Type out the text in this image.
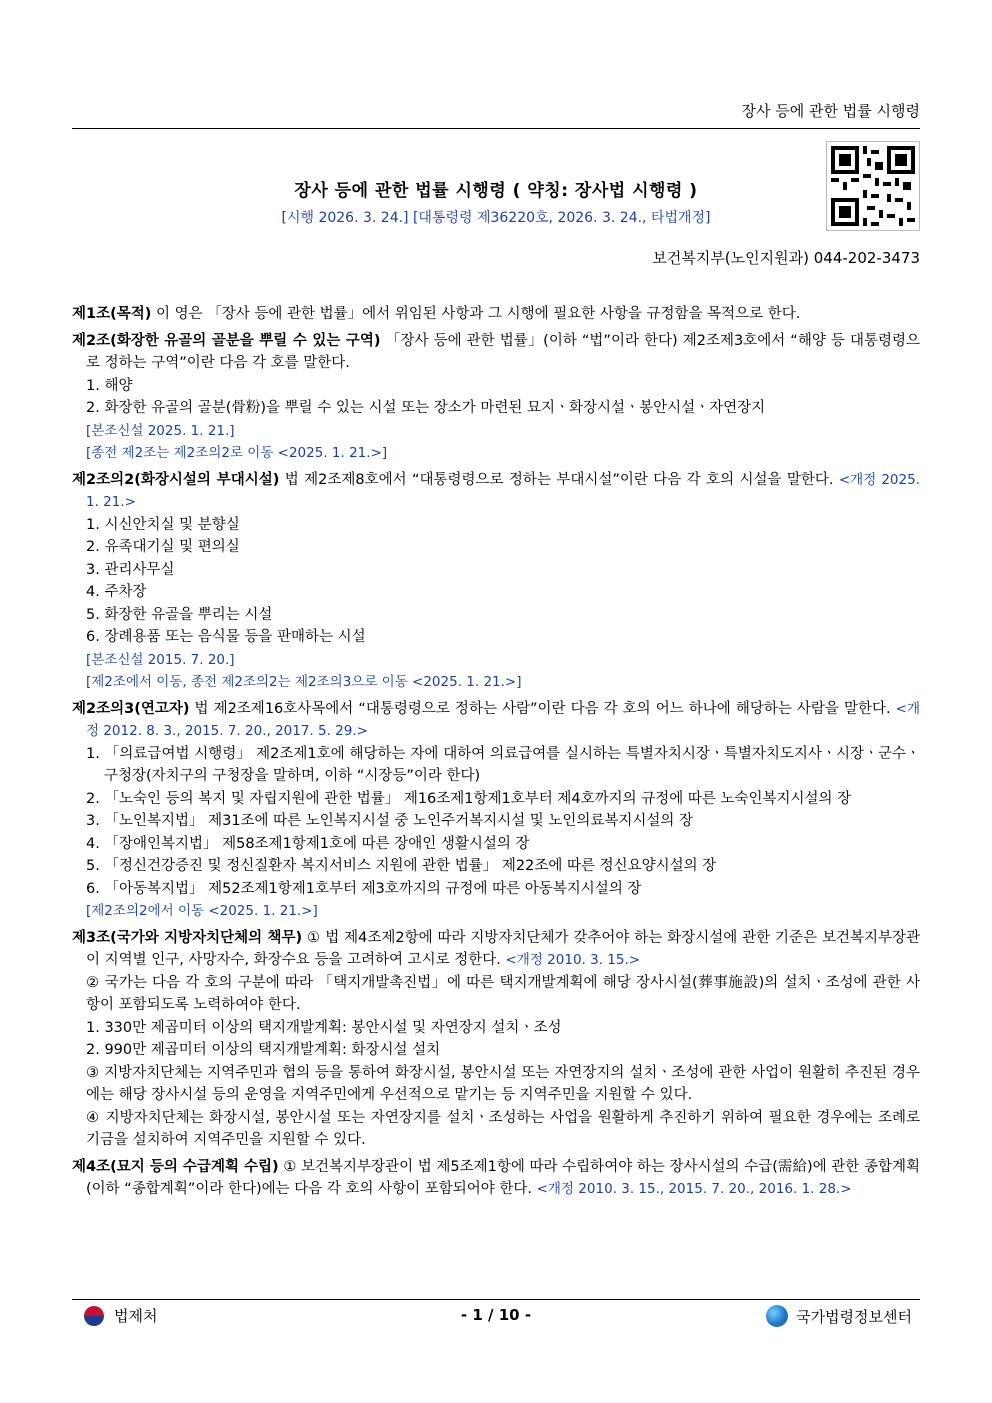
장사 등에 관한 법률 시행령
장사 등에 관한 법률 시행령 ( 약칭: 장사법 시행령 )
[시행 2026. 3. 24.] [대통령령 제36220호, 2026. 3. 24., 타법개정]
보건복지부(노인지원과) 044-202-3473
제1조(목적) 이 영은 「장사 등에 관한 법률」에서 위임된 사항과 그 시행에 필요한 사항을 규정함을 목적으로 한다.
제2조(화장한 유골의 골분을 뿌릴 수 있는 구역) 「장사 등에 관한 법률」(이하 “법”이라 한다) 제2조제3호에서 “해양 등 대통령령으로 정하는 구역”이란 다음 각 호를 말한다.
1. 해양
2. 화장한 유골의 골분(骨粉)을 뿌릴 수 있는 시설 또는 장소가 마련된 묘지ㆍ화장시설ㆍ봉안시설ㆍ자연장지
[본조신설 2025. 1. 21.]
[종전 제2조는 제2조의2로 이동 <2025. 1. 21.>]
제2조의2(화장시설의 부대시설) 법 제2조제8호에서 “대통령령으로 정하는 부대시설”이란 다음 각 호의 시설을 말한다. <개정 2025. 1. 21.>
1. 시신안치실 및 분향실
2. 유족대기실 및 편의실
3. 관리사무실
4. 주차장
5. 화장한 유골을 뿌리는 시설
6. 장례용품 또는 음식물 등을 판매하는 시설
[본조신설 2015. 7. 20.]
[제2조에서 이동, 종전 제2조의2는 제2조의3으로 이동 <2025. 1. 21.>]
제2조의3(연고자) 법 제2조제16호사목에서 “대통령령으로 정하는 사람”이란 다음 각 호의 어느 하나에 해당하는 사람을 말한다. <개정 2012. 8. 3., 2015. 7. 20., 2017. 5. 29.>
1. 「의료급여법 시행령」 제2조제1호에 해당하는 자에 대하여 의료급여를 실시하는 특별자치시장ㆍ특별자치도지사ㆍ시장ㆍ군수ㆍ구청장(자치구의 구청장을 말하며, 이하 “시장등”이라 한다)
2. 「노숙인 등의 복지 및 자립지원에 관한 법률」 제16조제1항제1호부터 제4호까지의 규정에 따른 노숙인복지시설의 장
3. 「노인복지법」 제31조에 따른 노인복지시설 중 노인주거복지시설 및 노인의료복지시설의 장
4. 「장애인복지법」 제58조제1항제1호에 따른 장애인 생활시설의 장
5. 「정신건강증진 및 정신질환자 복지서비스 지원에 관한 법률」 제22조에 따른 정신요양시설의 장
6. 「아동복지법」 제52조제1항제1호부터 제3호까지의 규정에 따른 아동복지시설의 장
[제2조의2에서 이동 <2025. 1. 21.>]
제3조(국가와 지방자치단체의 책무) ① 법 제4조제2항에 따라 지방자치단체가 갖추어야 하는 화장시설에 관한 기준은 보건복지부장관이 지역별 인구, 사망자수, 화장수요 등을 고려하여 고시로 정한다. <개정 2010. 3. 15.>
② 국가는 다음 각 호의 구분에 따라 「택지개발촉진법」에 따른 택지개발계획에 해당 장사시설(葬事施設)의 설치ㆍ조성에 관한 사항이 포함되도록 노력하여야 한다.
1. 330만 제곱미터 이상의 택지개발계획: 봉안시설 및 자연장지 설치ㆍ조성
2. 990만 제곱미터 이상의 택지개발계획: 화장시설 설치
③ 지방자치단체는 지역주민과 협의 등을 통하여 화장시설, 봉안시설 또는 자연장지의 설치ㆍ조성에 관한 사업이 원활히 추진된 경우에는 해당 장사시설 등의 운영을 지역주민에게 우선적으로 맡기는 등 지역주민을 지원할 수 있다.
④ 지방자치단체는 화장시설, 봉안시설 또는 자연장지를 설치ㆍ조성하는 사업을 원활하게 추진하기 위하여 필요한 경우에는 조례로 기금을 설치하여 지역주민을 지원할 수 있다.
제4조(묘지 등의 수급계획 수립) ① 보건복지부장관이 법 제5조제1항에 따라 수립하여야 하는 장사시설의 수급(需給)에 관한 종합계획(이하 “종합계획”이라 한다)에는 다음 각 호의 사항이 포함되어야 한다. <개정 2010. 3. 15., 2015. 7. 20., 2016. 1. 28.>
법제처	- 1 / 10 -	국가법령정보센터
